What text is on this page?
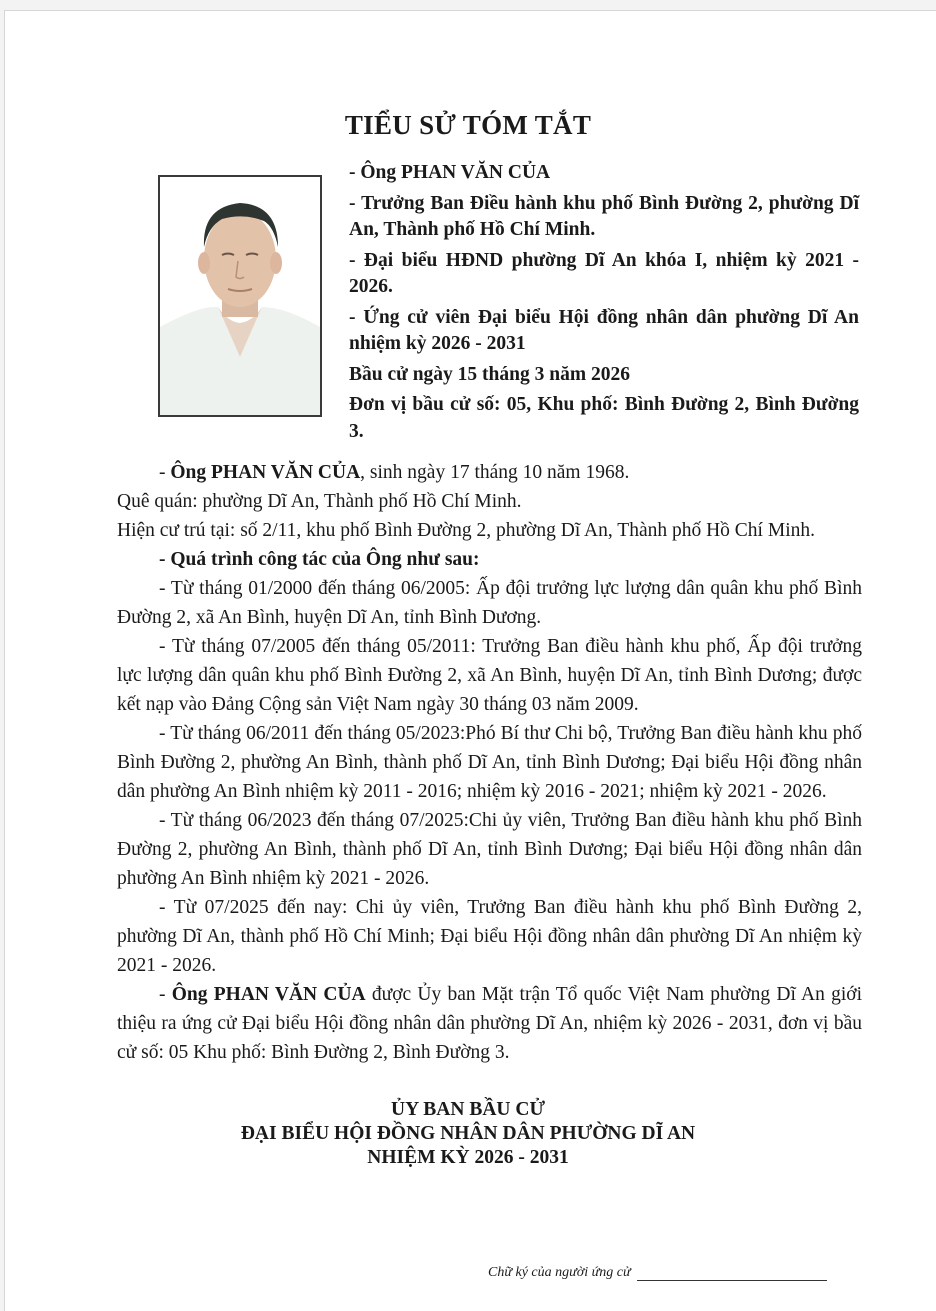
TIỂU SỬ TÓM TẮT

- Ông PHAN VĂN CỦA

- Trưởng Ban Điều hành khu phố Bình Đường 2, phường Dĩ An, Thành phố Hồ Chí Minh.

- Đại biểu HĐND phường Dĩ An khóa I, nhiệm kỳ 2021 - 2026.

- Ứng cử viên Đại biểu Hội đồng nhân dân phường Dĩ An nhiệm kỳ 2026 - 2031

Bầu cử ngày 15 tháng 3 năm 2026

Đơn vị bầu cử số: 05, Khu phố: Bình Đường 2, Bình Đường 3.

- Ông PHAN VĂN CỦA, sinh ngày 17 tháng 10 năm 1968.

Quê quán: phường Dĩ An, Thành phố Hồ Chí Minh.

Hiện cư trú tại: số 2/11, khu phố Bình Đường 2, phường Dĩ An, Thành phố Hồ Chí Minh.

- Quá trình công tác của Ông như sau:

- Từ tháng 01/2000 đến tháng 06/2005: Ấp đội trưởng lực lượng dân quân khu phố Bình Đường 2, xã An Bình, huyện Dĩ An, tỉnh Bình Dương.

- Từ tháng 07/2005 đến tháng 05/2011: Trưởng Ban điều hành khu phố, Ấp đội trưởng lực lượng dân quân khu phố Bình Đường 2, xã An Bình, huyện Dĩ An, tỉnh Bình Dương; được kết nạp vào Đảng Cộng sản Việt Nam ngày 30 tháng 03 năm 2009.

- Từ tháng 06/2011 đến tháng 05/2023:Phó Bí thư Chi bộ, Trưởng Ban điều hành khu phố Bình Đường 2, phường An Bình, thành phố Dĩ An, tỉnh Bình Dương; Đại biểu Hội đồng nhân dân phường An Bình nhiệm kỳ 2011 - 2016; nhiệm kỳ 2016 - 2021; nhiệm kỳ 2021 - 2026.

- Từ tháng 06/2023 đến tháng 07/2025:Chi ủy viên, Trưởng Ban điều hành khu phố Bình Đường 2, phường An Bình, thành phố Dĩ An, tỉnh Bình Dương; Đại biểu Hội đồng nhân dân phường An Bình nhiệm kỳ 2021 - 2026.

- Từ 07/2025 đến nay: Chi ủy viên, Trưởng Ban điều hành khu phố Bình Đường 2, phường Dĩ An, thành phố Hồ Chí Minh; Đại biểu Hội đồng nhân dân phường Dĩ An nhiệm kỳ 2021 - 2026.

- Ông PHAN VĂN CỦA được Ủy ban Mặt trận Tổ quốc Việt Nam phường Dĩ An giới thiệu ra ứng cử Đại biểu Hội đồng nhân dân phường Dĩ An, nhiệm kỳ 2026 - 2031, đơn vị bầu cử số: 05 Khu phố: Bình Đường 2, Bình Đường 3.

ỦY BAN BẦU CỬ
ĐẠI BIỂU HỘI ĐỒNG NHÂN DÂN PHƯỜNG DĨ AN
NHIỆM KỲ 2026 - 2031
Chữ ký của người ứng cử
